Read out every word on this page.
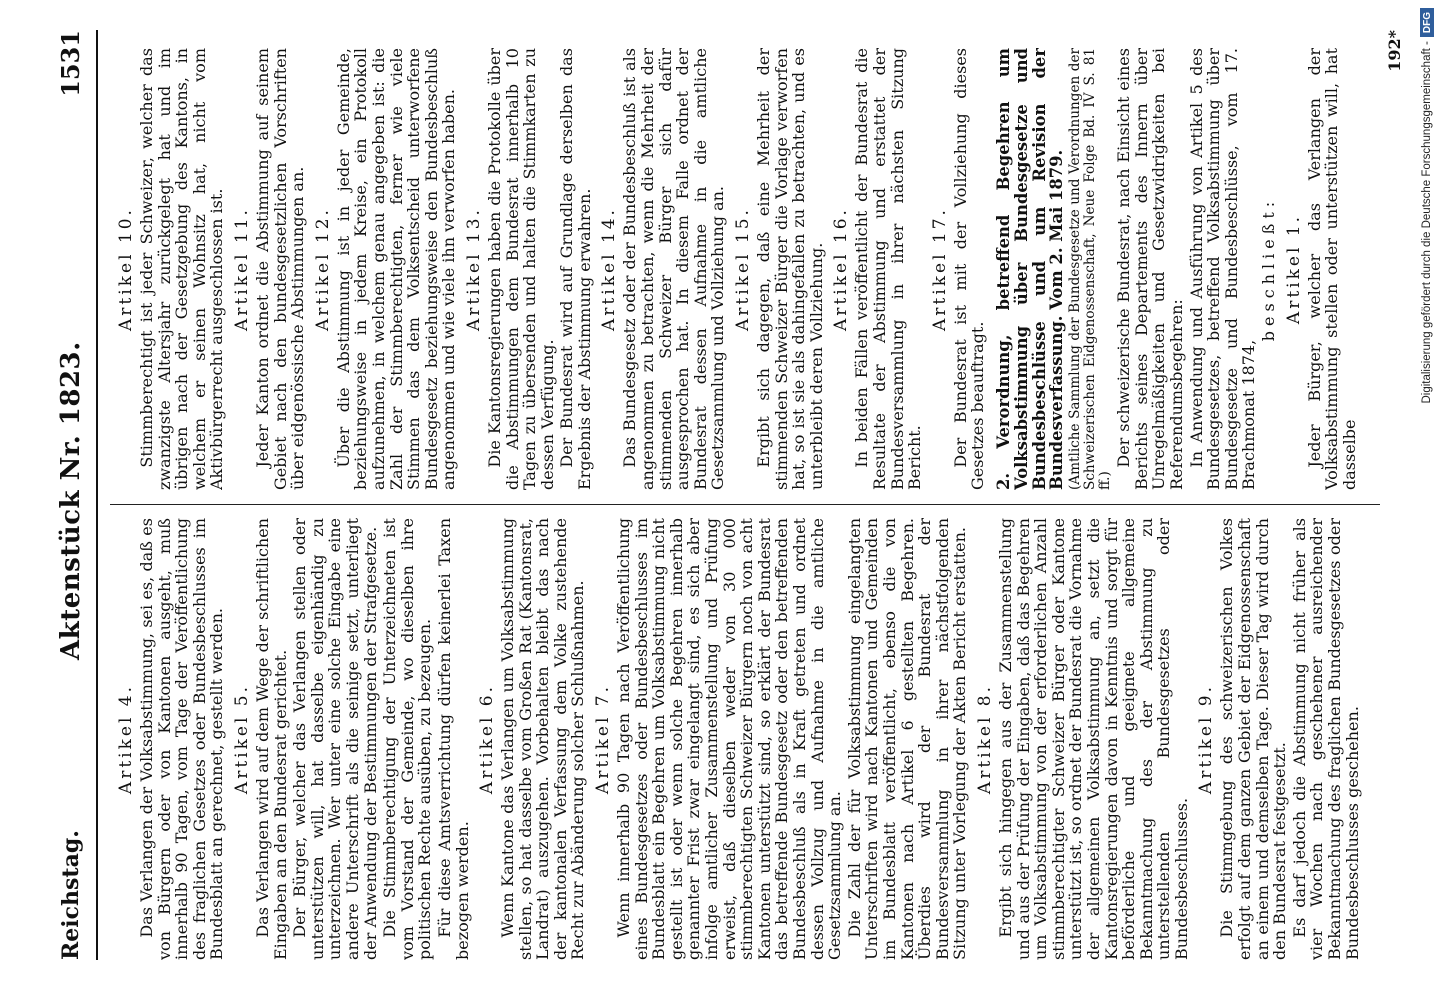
Reichstag.
Aktenstück Nr. 1823.
1531
Artikel 4. Das Verlangen der Volksabstimmung, sei es, daß es von Bürgern oder von Kantonen ausgeht, muß innerhalb 90 Tagen, vom Tage der Veröffentlichung des fraglichen Gesetzes oder Bundesbeschlusses im Bundesblatt an gerechnet, gestellt werden. Artikel 5. Das Verlangen wird auf dem Wege der schriftlichen Eingaben an den Bundesrat gerichtet. Der Bürger, welcher das Verlangen stellen oder unterstützen will, hat dasselbe eigenhändig zu unterzeichnen. Wer unter eine solche Eingabe eine andere Unterschrift als die seinige setzt, unterliegt der Anwendung der Bestimmungen der Strafgesetze. Die Stimmberechtigung der Unterzeichneten ist vom Vorstand der Gemeinde, wo dieselben ihre politischen Rechte ausüben, zu bezeugen. Für diese Amtsverrichtung dürfen keinerlei Taxen bezogen werden.

Artikel 6. Wenn Kantone das Verlangen um Volksabstimmung stellen, so hat dasselbe vom Großen Rat (Kantonsrat, Landrat) auszugehen. Vorbehalten bleibt das nach der kantonalen Verfassung dem Volke zustehende Recht zur Abänderung solcher Schlußnahmen. Artikel 7. Wenn innerhalb 90 Tagen nach Veröffentlichung eines Bundesgesetzes oder Bundesbeschlusses im Bundesblatt ein Begehren um Volksabstimmung nicht gestellt ist oder wenn solche Begehren innerhalb genannter Frist zwar eingelangt sind, es sich aber infolge amtlicher Zusammenstellung und Prüfung erweist, daß dieselben weder von 30 000 stimmberechtigten Schweizer Bürgern noch von acht Kantonen unterstützt sind, so erklärt der Bundesrat das betreffende Bundesgesetz oder den betreffenden Bundesbeschluß als in Kraft getreten und ordnet dessen Vollzug und Aufnahme in die amtliche Gesetzsammlung an. Die Zahl der für Volksabstimmung eingelangten Unterschriften wird nach Kantonen und Gemeinden im Bundesblatt veröffentlicht, ebenso die von Kantonen nach Artikel 6 gestellten Begehren. Überdies wird der Bundesrat der Bundesversammlung in ihrer nächstfolgenden Sitzung unter Vorlegung der Akten Bericht erstatten. Artikel 8. Ergibt sich hingegen aus der Zusammenstellung und aus der Prüfung der Eingaben, daß das Begehren um Volksabstimmung von der erforderlichen Anzahl stimmberechtigter Schweizer Bürger oder Kantone unterstützt ist, so ordnet der Bundesrat die Vornahme der allgemeinen Volksabstimmung an, setzt die Kantonsregierungen davon in Kenntnis und sorgt für beförderliche und geeignete allgemeine Bekanntmachung des der Abstimmung zu unterstellenden Bundesgesetzes oder Bundesbeschlusses.

Artikel 9. Die Stimmgebung des schweizerischen Volkes erfolgt auf dem ganzen Gebiet der Eidgenossenschaft an einem und demselben Tage. Dieser Tag wird durch den Bundesrat festgesetzt. Es darf jedoch die Abstimmung nicht früher als vier Wochen nach geschehener ausreichender Bekanntmachung des fraglichen Bundesgesetzes oder Bundesbeschlusses geschehen.

Artikel 10. Stimmberechtigt ist jeder Schweizer, welcher das zwanzigste Altersjahr zurückgelegt hat und im übrigen nach der Gesetzgebung des Kantons, in welchem er seinen Wohnsitz hat, nicht vom Aktivbürgerrecht ausgeschlossen ist. Artikel 11. Jeder Kanton ordnet die Abstimmung auf seinem Gebiet nach den bundesgesetzlichen Vorschriften über eidgenössische Abstimmungen an. Artikel 12. Über die Abstimmung ist in jeder Gemeinde, beziehungsweise in jedem Kreise, ein Protokoll aufzunehmen, in welchem genau angegeben ist: die Zahl der Stimmberechtigten, ferner wie viele Stimmen das dem Volksentscheid unterworfene Bundesgesetz beziehungsweise den Bundesbeschluß angenommen und wie viele ihn verworfen haben. Artikel 13. Die Kantonsregierungen haben die Protokolle über die Abstimmungen dem Bundesrat innerhalb 10 Tagen zu übersenden und halten die Stimmkarten zu dessen Verfügung. Der Bundesrat wird auf Grundlage derselben das Ergebnis der Abstimmung erwahren. Artikel 14. Das Bundesgesetz oder der Bundesbeschluß ist als angenommen zu betrachten, wenn die Mehrheit der stimmenden Schweizer Bürger sich dafür ausgesprochen hat. In diesem Falle ordnet der Bundesrat dessen Aufnahme in die amtliche Gesetzsammlung und Vollziehung an. Artikel 15. Ergibt sich dagegen, daß eine Mehrheit der stimmenden Schweizer Bürger die Vorlage verworfen hat, so ist sie als dahingefallen zu betrachten, und es unterbleibt deren Vollziehung. Artikel 16. In beiden Fällen veröffentlicht der Bundesrat die Resultate der Abstimmung und erstattet der Bundesversammlung in ihrer nächsten Sitzung Bericht.

Artikel 17. Der Bundesrat ist mit der Vollziehung dieses Gesetzes beauftragt. 2. Verordnung, betreffend Begehren um Volksabstimmung über Bundesgesetze und Bundesbeschlüsse und um Revision der Bundesverfassung. Vom 2. Mai 1879. (Amtliche Sammlung der Bundesgesetze und Verordnungen der Schweizerischen Eidgenossenschaft, Neue Folge Bd. IV S. 81 ff.)

Der schweizerische Bundesrat, nach Einsicht eines Berichts seines Departements des Innern über Unregelmäßigkeiten und Gesetzwidrigkeiten bei Referendumsbegehren: In Anwendung und Ausführung von Artikel 5 des Bundesgesetzes, betreffend Volksabstimmung über Bundesgesetze und Bundesbeschlüsse, vom 17. Brachmonat 1874,

beschließt: Artikel 1. Jeder Bürger, welcher das Verlangen der Volksabstimmung stellen oder unterstützen will, hat dasselbe

192*	Digitalisierung gefördert durch die Deutsche Forschungsgemeinschaft -DFG
